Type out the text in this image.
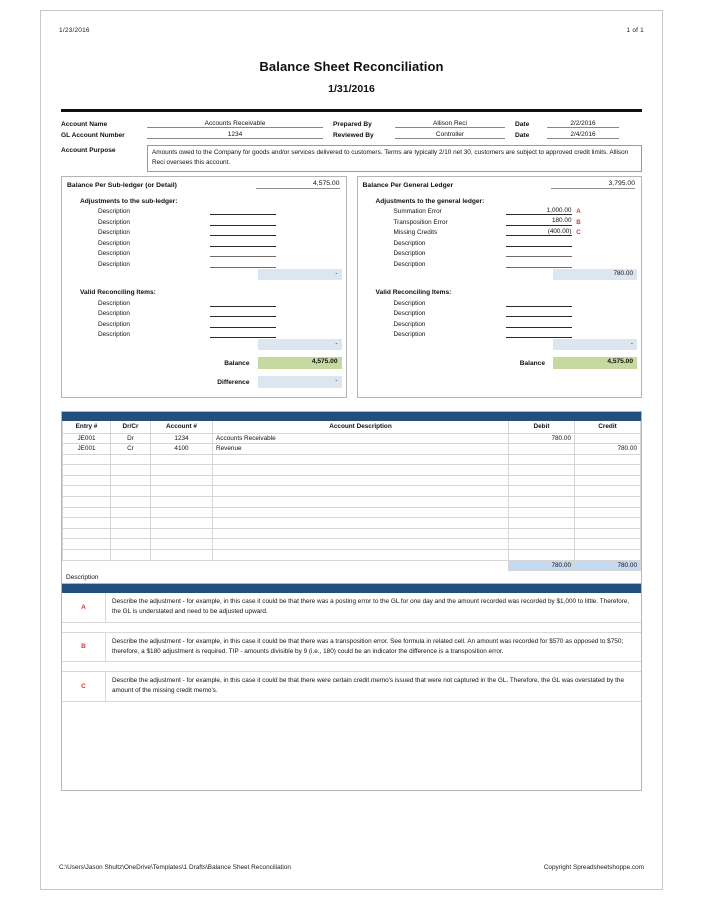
1/23/2016	1 of 1
Balance Sheet Reconciliation
1/31/2016
Account Name	Accounts Receivable	Prepared By	Allison Reci	Date	2/2/2016
GL Account Number	1234	Reviewed By	Controller	Date	2/4/2016
Account Purpose	Amounts owed to the Company for goods and/or services delivered to customers. Terms are typically 2/10 net 30, customers are subject to approved credit limits. Allison Reci oversees this account.
Balance Per Sub-ledger (or Detail)	4,575.00
Adjustments to the sub-ledger:
Description
Description
Description
Description
Description
Description
-
Valid Reconciling Items:
Description
Description
Description
Description
-
Balance	4,575.00
Difference	-
Balance Per General Ledger	3,795.00
Adjustments to the general ledger:
Summation Error	1,000.00 A
Transposition Error	180.00 B
Missing Credits	(400.00) C
Description
Description
Description
780.00
Valid Reconciling Items:
Description
Description
Description
Description
-
Balance	4,575.00
Entry #	Dr/Cr	Account #	Account Description	Debit	Credit
JE001	Dr	1234	Accounts Receivable	780.00	
JE001	Cr	4100	Revenue		780.00

				780.00	780.00
Description
A
Describe the adjustment - for example, in this case it could be that there was a posting error to the GL for one day and the amount recorded was recorded by $1,000 to little. Therefore, the GL is understated and need to be adjusted upward.
B
Describe the adjustment - for example, in this case it could be that there was a transposition error. See formula in related cell. An amount was recorded for $570 as opposed to $750; therefore, a $180 adjustment is required. TIP - amounts divisible by 9 (i.e., 180) could be an indicator the difference is a transposition error.
C
Describe the adjustment - for example, in this case it could be that there were certain credit memo's issued that were not captured in the GL. Therefore, the GL was overstated by the amount of the missing credit memo's.
C:\Users\Jason Shultz\OneDrive\Templates\1 Drafts\Balance Sheet Reconciliation	Copyright Spreadsheetshoppe.com
